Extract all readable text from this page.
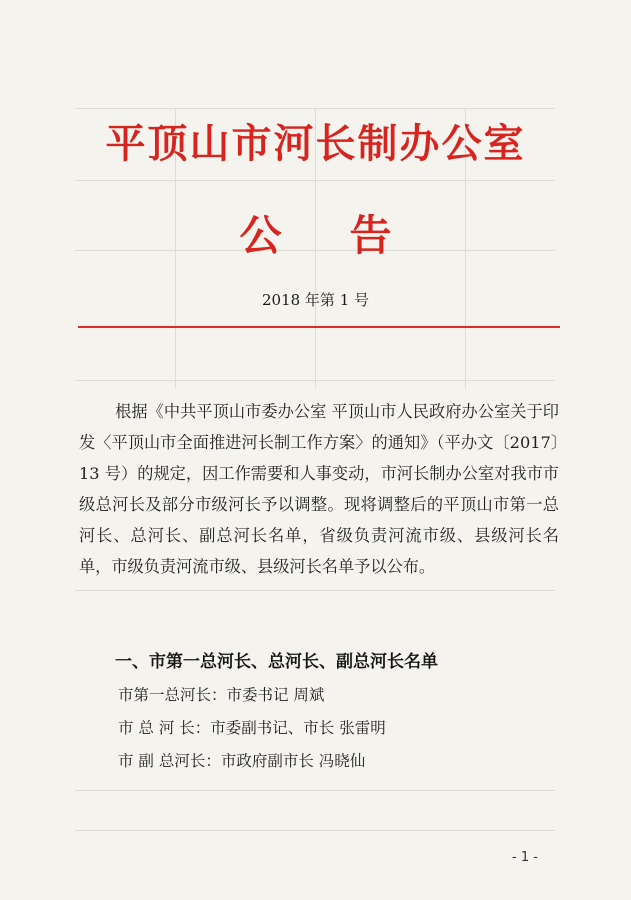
平顶山市河长制办公室
公告
2018 年第 1 号
根据《中共平顶山市委办公室 平顶山市人民政府办公室关于印发〈平顶山市全面推进河长制工作方案〉的通知》（平办文〔2017〕13 号）的规定，因工作需要和人事变动，市河长制办公室对我市市级总河长及部分市级河长予以调整。现将调整后的平顶山市第一总河长、总河长、副总河长名单，省级负责河流市级、县级河长名单，市级负责河流市级、县级河长名单予以公布。
一、市第一总河长、总河长、副总河长名单
市第一总河长：市委书记 周斌
市 总 河 长：市委副书记、市长 张雷明
市 副 总河长：市政府副市长 冯晓仙
- 1 -
